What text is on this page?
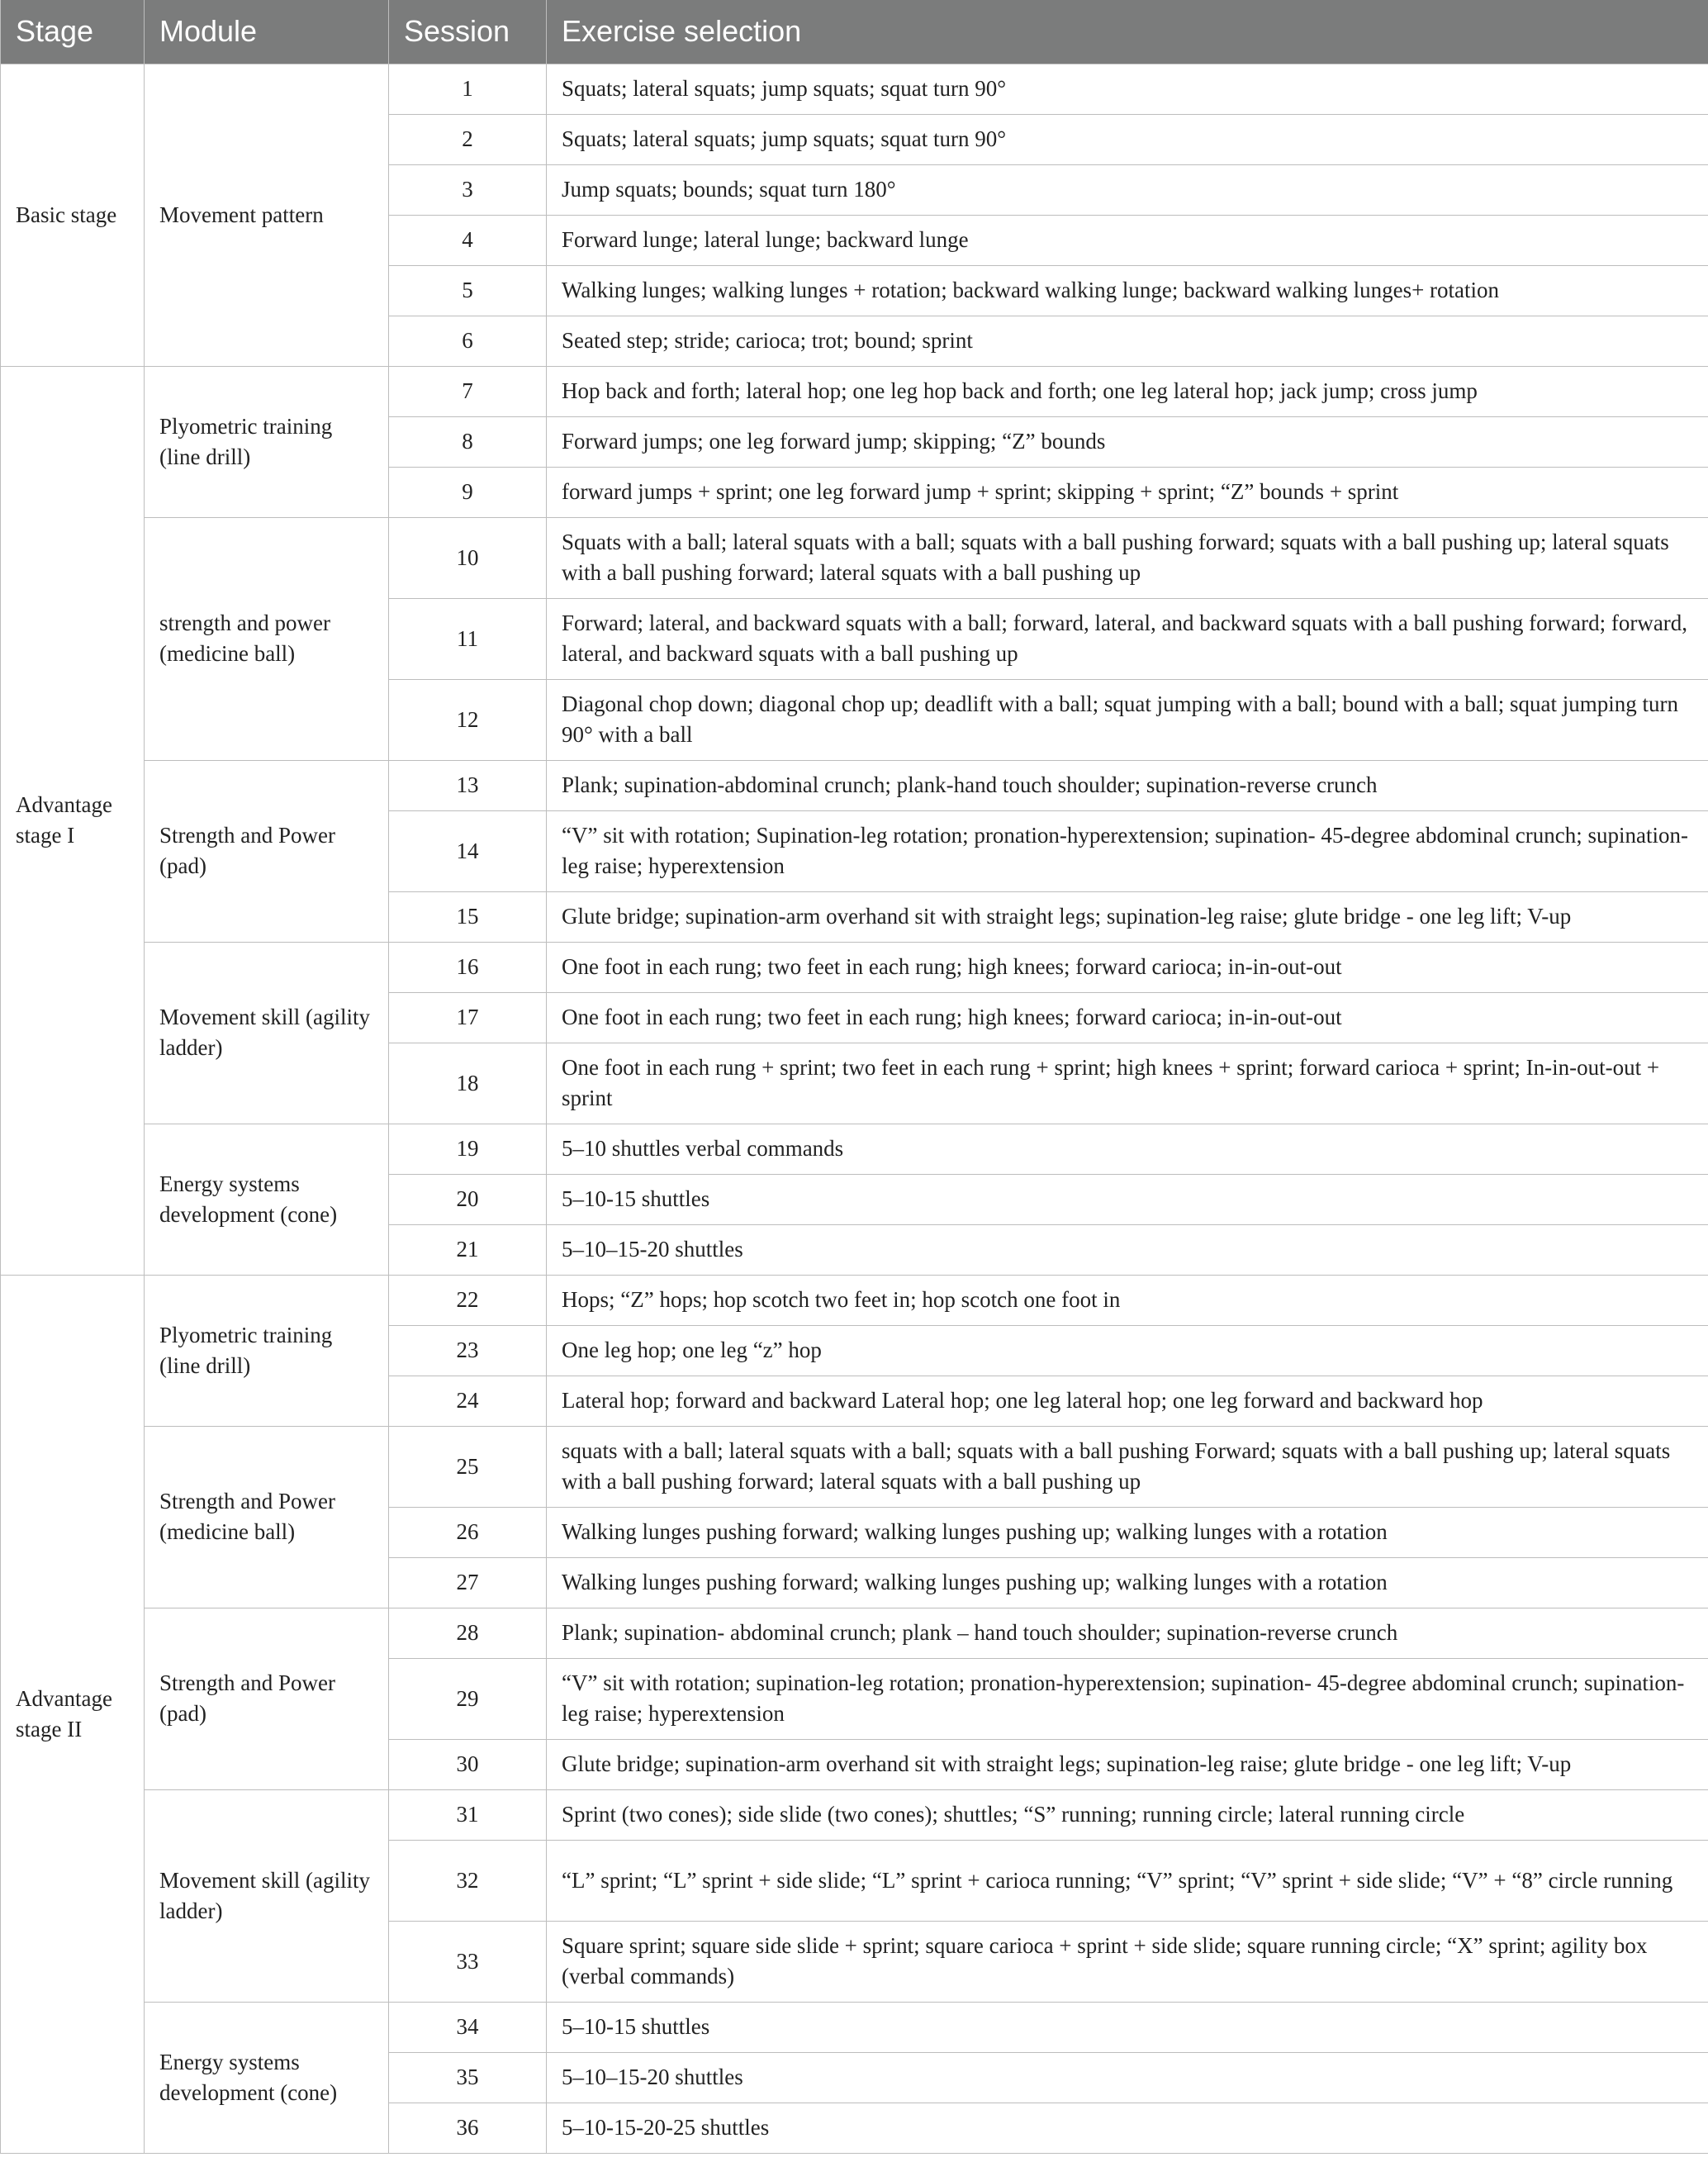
Stage	Module	Session	Exercise selection
Basic stage	Movement pattern	1	Squats; lateral squats; jump squats; squat turn 90°
		2	Squats; lateral squats; jump squats; squat turn 90°
		3	Jump squats; bounds; squat turn 180°
		4	Forward lunge; lateral lunge; backward lunge
		5	Walking lunges; walking lunges + rotation; backward walking lunge; backward walking lunges+ rotation
		6	Seated step; stride; carioca; trot; bound; sprint
Advantage stage I	Plyometric training (line drill)	7	Hop back and forth; lateral hop; one leg hop back and forth; one leg lateral hop; jack jump; cross jump
		8	Forward jumps; one leg forward jump; skipping; “Z” bounds
		9	forward jumps + sprint; one leg forward jump + sprint; skipping + sprint; “Z” bounds + sprint
	strength and power (medicine ball)	10	Squats with a ball; lateral squats with a ball; squats with a ball pushing forward; squats with a ball pushing up; lateral squats with a ball pushing forward; lateral squats with a ball pushing up
		11	Forward; lateral, and backward squats with a ball; forward, lateral, and backward squats with a ball pushing forward; forward, lateral, and backward squats with a ball pushing up
		12	Diagonal chop down; diagonal chop up; deadlift with a ball; squat jumping with a ball; bound with a ball; squat jumping turn 90° with a ball
	Strength and Power (pad)	13	Plank; supination-abdominal crunch; plank-hand touch shoulder; supination-reverse crunch
		14	“V” sit with rotation; Supination-leg rotation; pronation-hyperextension; supination- 45-degree abdominal crunch; supination-leg raise; hyperextension
		15	Glute bridge; supination-arm overhand sit with straight legs; supination-leg raise; glute bridge - one leg lift; V-up
	Movement skill (agility ladder)	16	One foot in each rung; two feet in each rung; high knees; forward carioca; in-in-out-out
		17	One foot in each rung; two feet in each rung; high knees; forward carioca; in-in-out-out
		18	One foot in each rung + sprint; two feet in each rung + sprint; high knees + sprint; forward carioca + sprint; In-in-out-out + sprint
	Energy systems development (cone)	19	5–10 shuttles verbal commands
		20	5–10-15 shuttles
		21	5–10–15-20 shuttles
Advantage stage II	Plyometric training (line drill)	22	Hops; “Z” hops; hop scotch two feet in; hop scotch one foot in
		23	One leg hop; one leg “z” hop
		24	Lateral hop; forward and backward Lateral hop; one leg lateral hop; one leg forward and backward hop
	Strength and Power (medicine ball)	25	squats with a ball; lateral squats with a ball; squats with a ball pushing Forward; squats with a ball pushing up; lateral squats with a ball pushing forward; lateral squats with a ball pushing up
		26	Walking lunges pushing forward; walking lunges pushing up; walking lunges with a rotation
		27	Walking lunges pushing forward; walking lunges pushing up; walking lunges with a rotation
	Strength and Power (pad)	28	Plank; supination- abdominal crunch; plank – hand touch shoulder; supination-reverse crunch
		29	“V” sit with rotation; supination-leg rotation; pronation-hyperextension; supination- 45-degree abdominal crunch; supination-leg raise; hyperextension
		30	Glute bridge; supination-arm overhand sit with straight legs; supination-leg raise; glute bridge - one leg lift; V-up
	Movement skill (agility ladder)	31	Sprint (two cones); side slide (two cones); shuttles; “S” running; running circle; lateral running circle
		32	“L” sprint; “L” sprint + side slide; “L” sprint + carioca running; “V” sprint; “V” sprint + side slide; “V” + “8” circle running
		33	Square sprint; square side slide + sprint; square carioca + sprint + side slide; square running circle; “X” sprint; agility box (verbal commands)
	Energy systems development (cone)	34	5–10-15 shuttles
		35	5–10–15-20 shuttles
		36	5–10-15-20-25 shuttles
